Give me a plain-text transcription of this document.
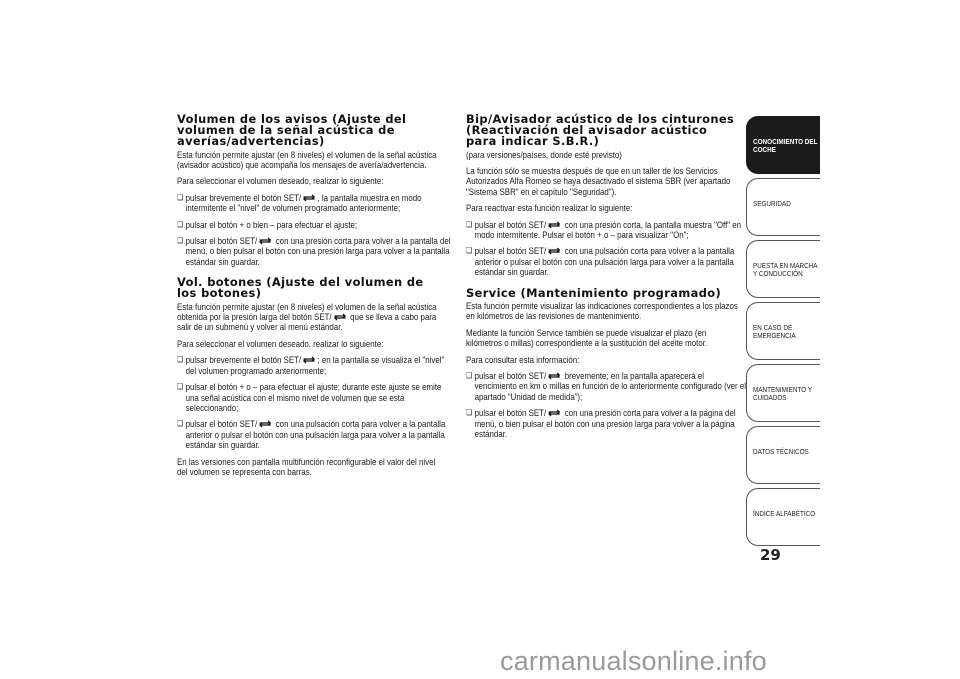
Volumen de los avisos (Ajuste del volumen de la señal acústica de averías/advertencias)

Esta función permite ajustar (en 8 niveles) el volumen de la señal acústica (avisador acústico) que acompaña los mensajes de avería/advertencia.

Para seleccionar el volumen deseado, realizar lo siguiente:

❏ pulsar brevemente el botón SET/ , la pantalla muestra en modo intermitente el "nivel" de volumen programado anteriormente;

❏ pulsar el botón + o bien – para efectuar el ajuste;

❏ pulsar el botón SET/ con una presión corta para volver a la pantalla del menú, o bien pulsar el botón con una presión larga para volver a la pantalla estándar sin guardar.

Vol. botones (Ajuste del volumen de los botones)

Esta función permite ajustar (en 8 niveles) el volumen de la señal acústica obtenida por la presión larga del botón SET/ que se lleva a cabo para salir de un submenú y volver al menú estándar.

Para seleccionar el volumen deseado, realizar lo siguiente:

❏ pulsar brevemente el botón SET/ ; en la pantalla se visualiza el "nivel" del volumen programado anteriormente;

❏ pulsar el botón + o – para efectuar el ajuste; durante este ajuste se emite una señal acústica con el mismo nivel de volumen que se está seleccionando;

❏ pulsar el botón SET/ con una pulsación corta para volver a la pantalla anterior o pulsar el botón con una pulsación larga para volver a la pantalla estándar sin guardar.

En las versiones con pantalla multifunción reconfigurable el valor del nivel del volumen se representa con barras.

Bip/Avisador acústico de los cinturones (Reactivación del avisador acústico para indicar S.B.R.)

(para versiones/países, donde esté previsto)

La función sólo se muestra después de que en un taller de los Servicios Autorizados Alfa Romeo se haya desactivado el sistema SBR (ver apartado "Sistema SBR" en el capítulo "Seguridad").

Para reactivar esta función realizar lo siguiente:

❏ pulsar el botón SET/ con una presión corta, la pantalla muestra "Off" en modo intermitente. Pulsar el botón + o – para visualizar "On";

❏ pulsar el botón SET/ con una pulsación corta para volver a la pantalla anterior o pulsar el botón con una pulsación larga para volver a la pantalla estándar sin guardar.

Service (Mantenimiento programado)

Esta función permite visualizar las indicaciones correspondientes a los plazos en kilómetros de las revisiones de mantenimiento.

Mediante la función Service también se puede visualizar el plazo (en kilómetros o millas) correspondiente a la sustitución del aceite motor.

Para consultar esta información:

❏ pulsar el botón SET/ brevemente; en la pantalla aparecerá el vencimiento en km o millas en función de lo anteriormente configurado (ver el apartado “Unidad de medida”);

❏ pulsar el botón SET/ con una presión corta para volver a la página del menú, o bien pulsar el botón con una presión larga para volver a la página estándar.

CONOCIMIENTO DEL COCHE
SEGURIDAD
PUESTA EN MARCHA Y CONDUCCIÓN
EN CASO DE EMERGENCIA
MANTENIMIENTO Y CUIDADOS
DATOS TÉCNICOS
ÍNDICE ALFABÉTICO
29
carmanualsonline.info
